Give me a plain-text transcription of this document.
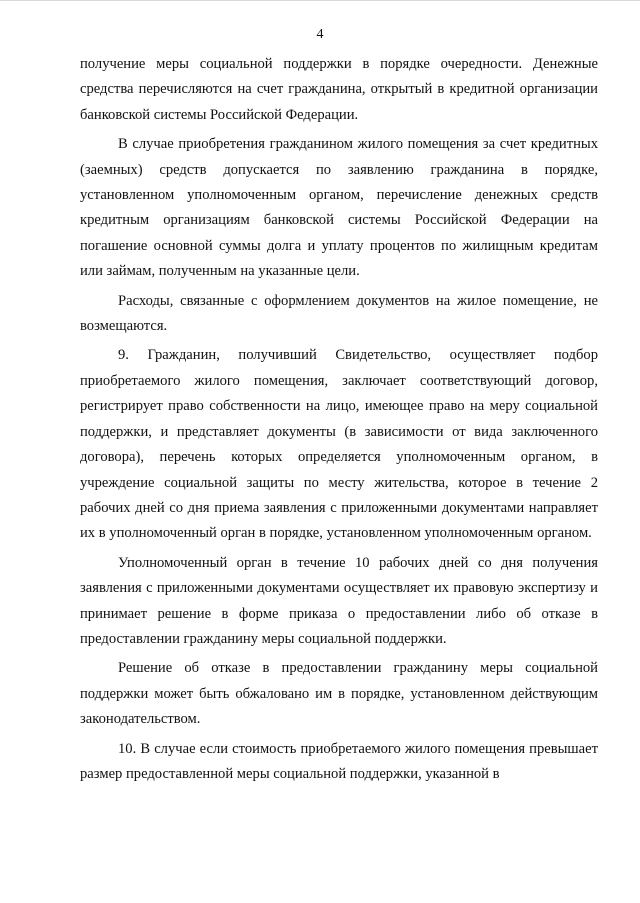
4

получение меры социальной поддержки в порядке очередности. Денежные средства перечисляются на счет гражданина, открытый в кредитной организации банковской системы Российской Федерации.

В случае приобретения гражданином жилого помещения за счет кредитных (заемных) средств допускается по заявлению гражданина в порядке, установленном уполномоченным органом, перечисление денежных средств кредитным организациям банковской системы Российской Федерации на погашение основной суммы долга и уплату процентов по жилищным кредитам или займам, полученным на указанные цели.

Расходы, связанные с оформлением документов на жилое помещение, не возмещаются.

9. Гражданин, получивший Свидетельство, осуществляет подбор приобретаемого жилого помещения, заключает соответствующий договор, регистрирует право собственности на лицо, имеющее право на меру социальной поддержки, и представляет документы (в зависимости от вида заключенного договора), перечень которых определяется уполномоченным органом, в учреждение социальной защиты по месту жительства, которое в течение 2 рабочих дней со дня приема заявления с приложенными документами направляет их в уполномоченный орган в порядке, установленном уполномоченным органом.

Уполномоченный орган в течение 10 рабочих дней со дня получения заявления с приложенными документами осуществляет их правовую экспертизу и принимает решение в форме приказа о предоставлении либо об отказе в предоставлении гражданину меры социальной поддержки.

Решение об отказе в предоставлении гражданину меры социальной поддержки может быть обжаловано им в порядке, установленном действующим законодательством.

10. В случае если стоимость приобретаемого жилого помещения превышает размер предоставленной меры социальной поддержки, указанной в
